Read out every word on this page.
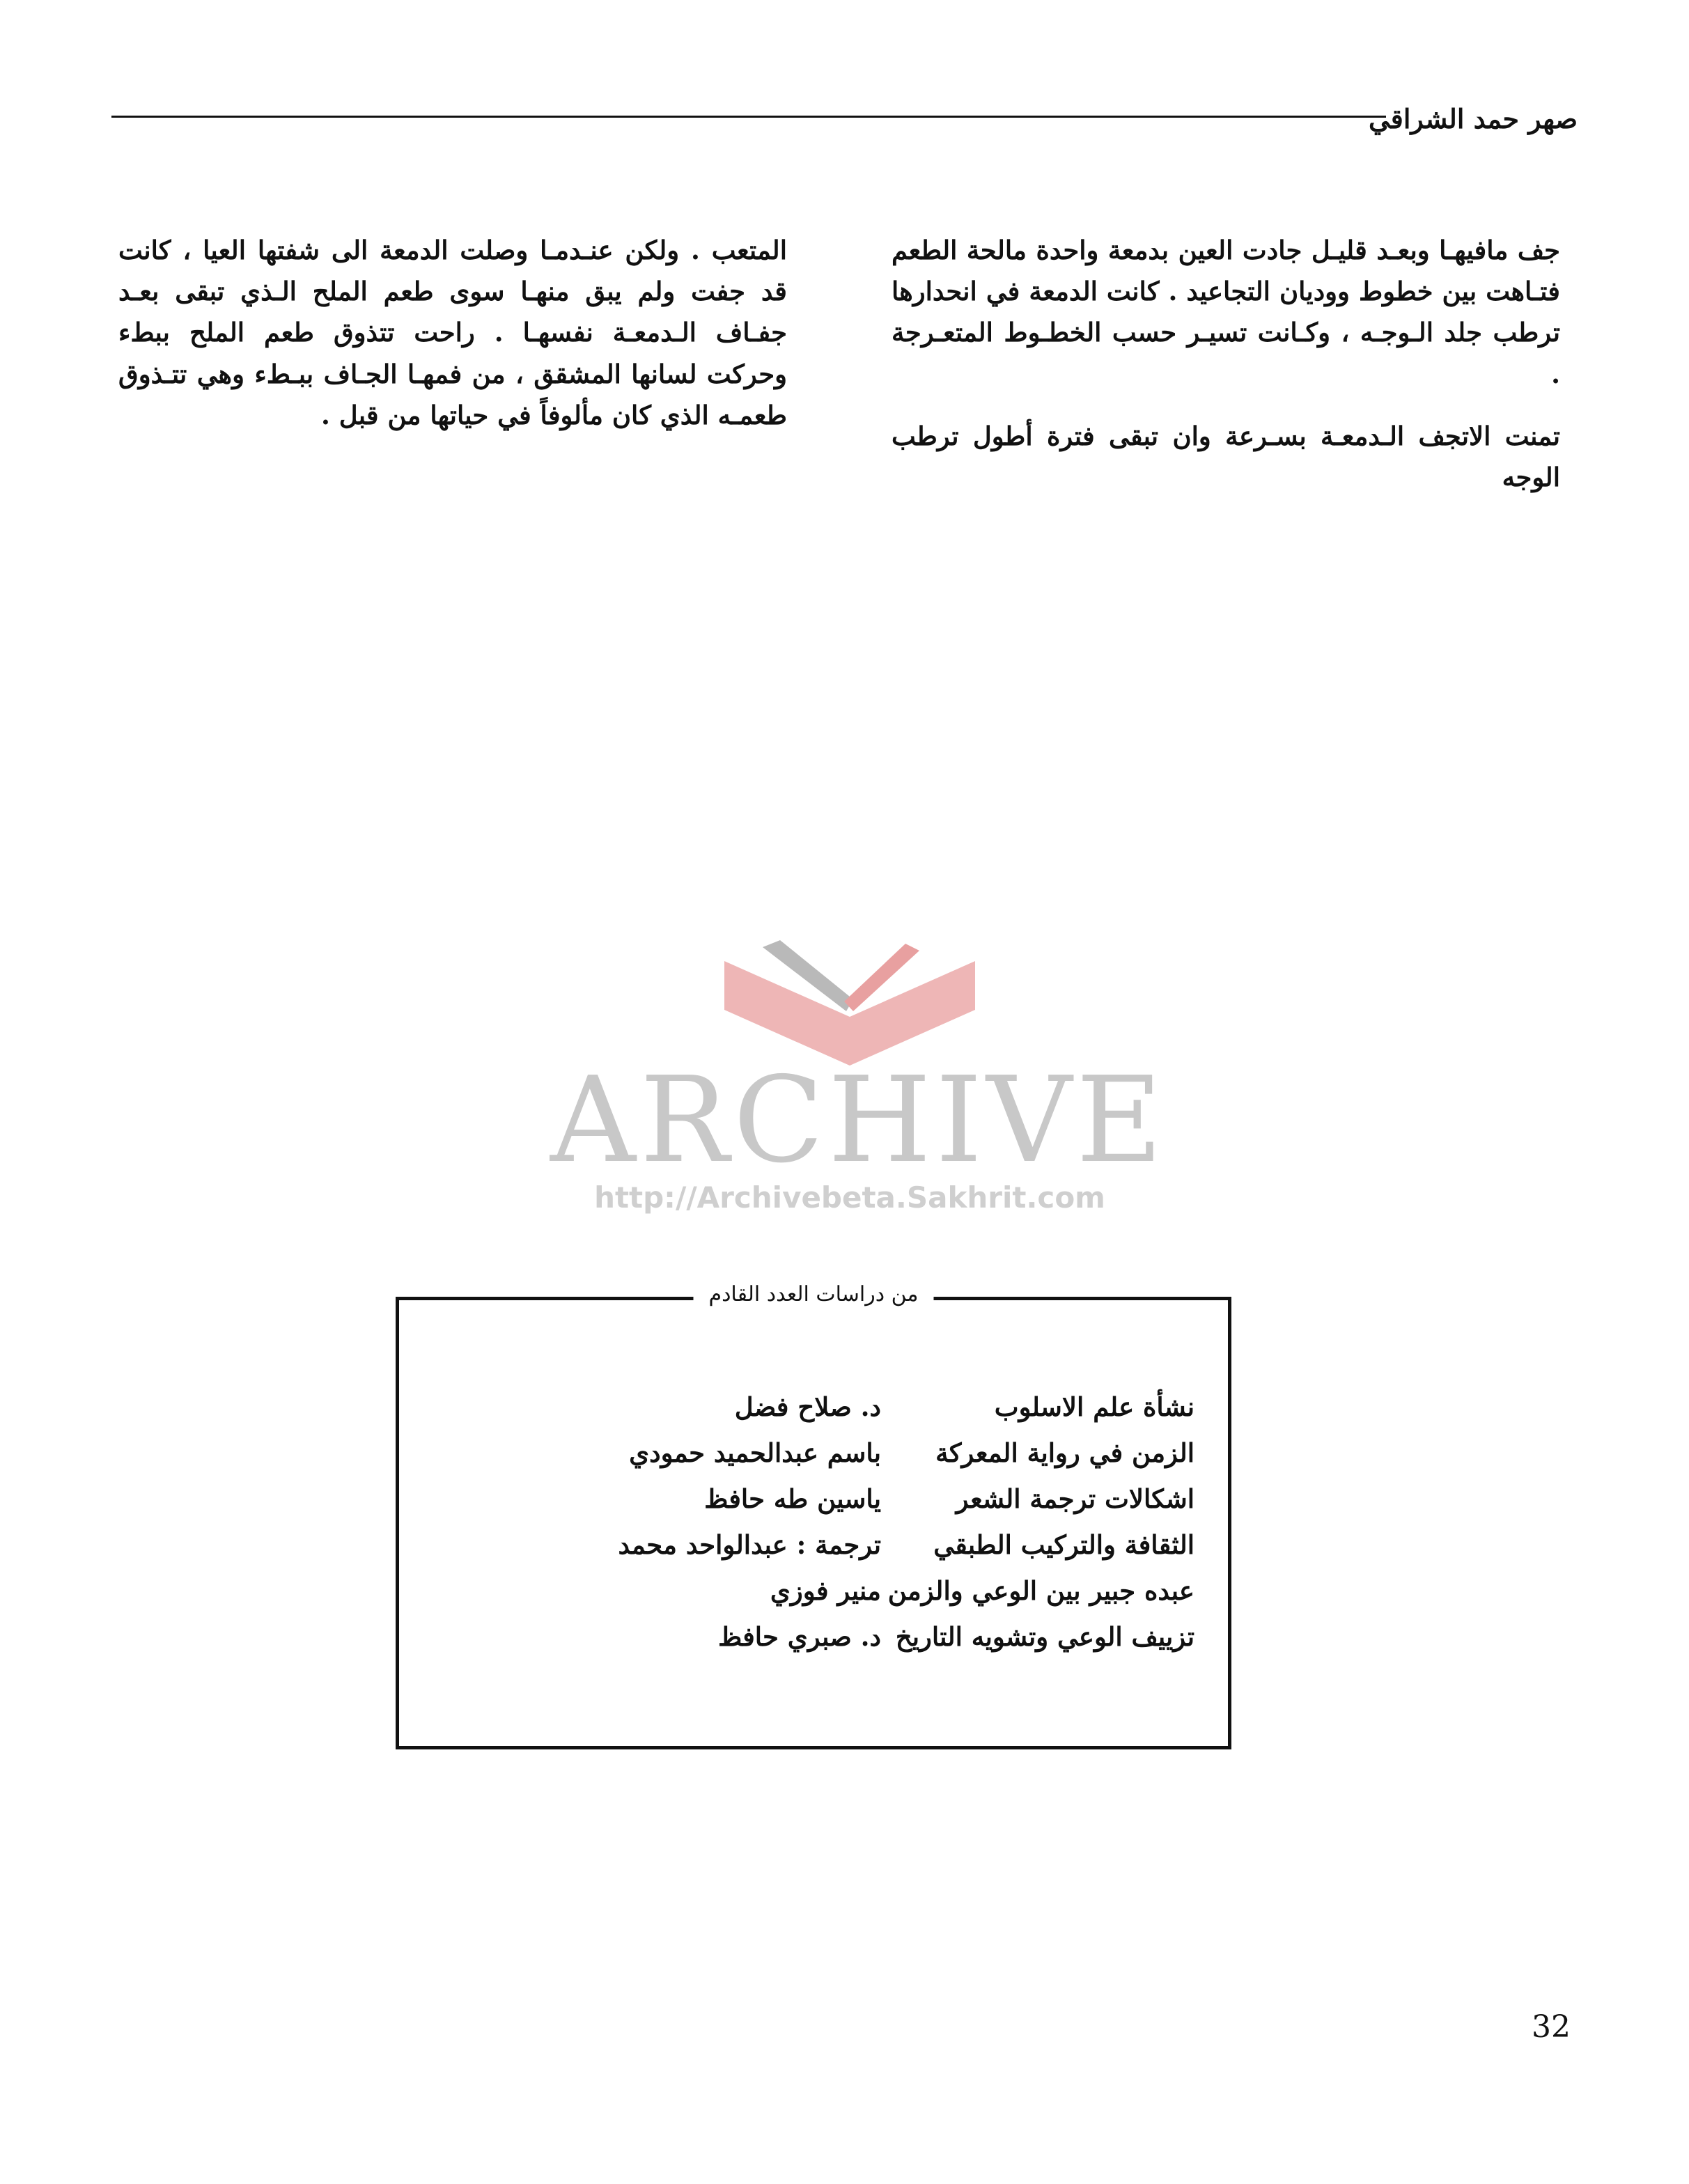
صهر حمد الشراقي

جف مافيهـا وبعـد قليـل جادت العين بدمعة واحدة مالحة الطعم فتـاهت بين خطوط ووديان التجاعيد . كانت الدمعة في انحدارها ترطب جلد الـوجـه ، وكـانت تسيـر حسب الخطـوط المتعـرجة .

تمنت الاتجف الـدمعـة بسـرعة وان تبقى فترة أطول ترطب الوجه

المتعب . ولكن عنـدمـا وصلت الدمعة الى شفتها العيا ، كانت قد جفت ولم يبق منهـا سوى طعم الملح الـذي تبقى بعـد جفـاف الـدمعـة نفسهـا . راحت تتذوق طعم الملح ببطء وحركت لسانها المشقق ، من فمهـا الجـاف ببـطء وهي تتـذوق طعمـه الذي كان مألوفاً في حياتها من قبل .

ARCHIVE
http://Archivebeta.Sakhrit.com
من دراسات العدد القادم
نشأة علم الاسلوب
د. صلاح فضل
الزمن في رواية المعركة
باسم عبدالحميد حمودي
اشكالات ترجمة الشعر
ياسين طه حافظ
الثقافة والتركيب الطبقي
ترجمة : عبدالواحد محمد
عبده جبير بين الوعي والزمن
منير فوزي
تزييف الوعي وتشويه التاريخ
د. صبري حافظ
32
